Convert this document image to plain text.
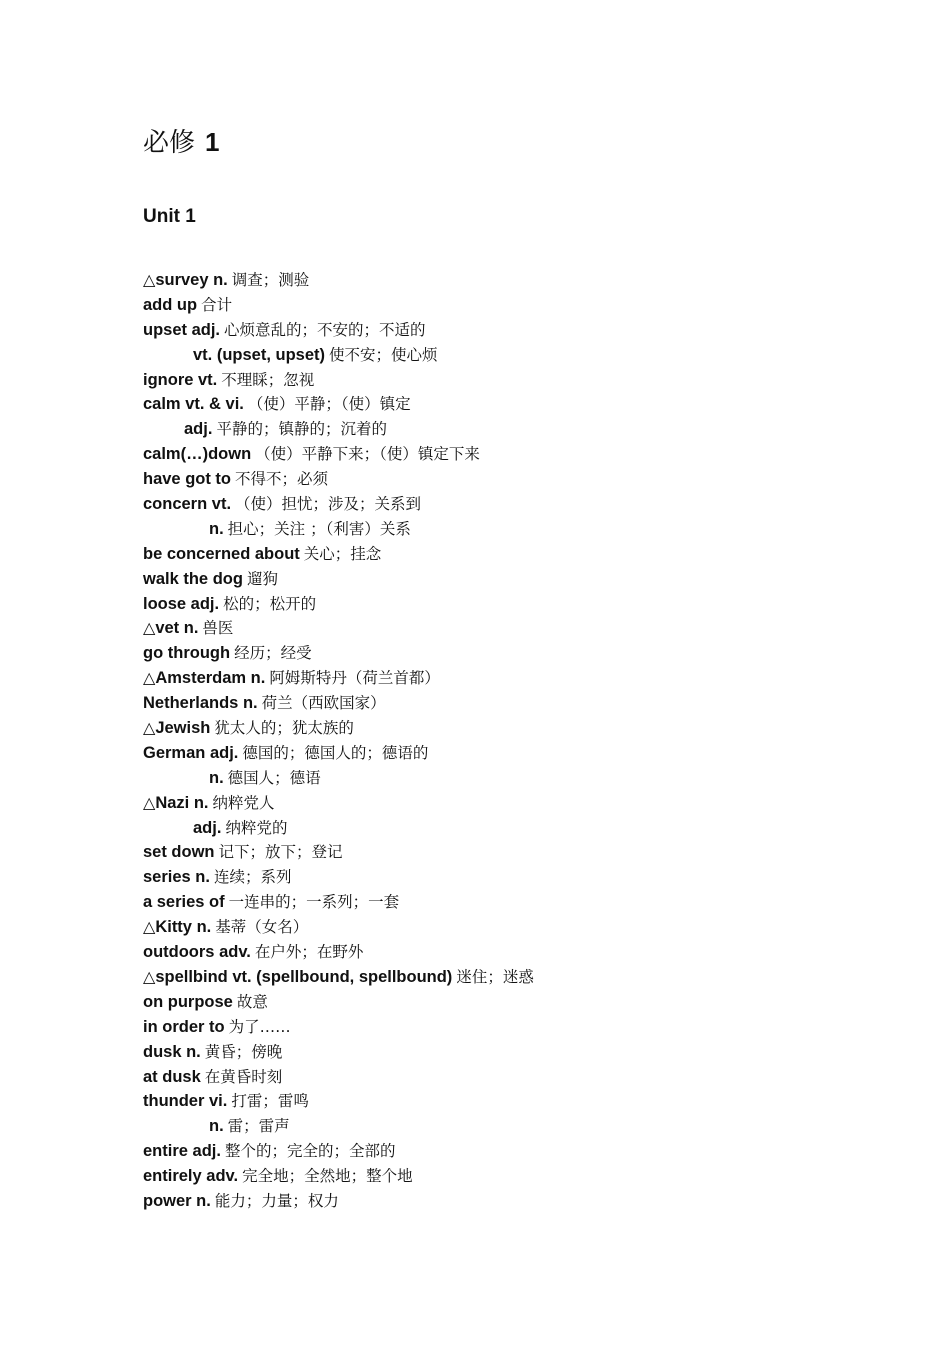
必修 1
Unit 1
△survey n. 调查；测验
add up 合计
upset adj. 心烦意乱的；不安的；不适的
vt. (upset, upset) 使不安；使心烦
ignore vt. 不理睬；忽视
calm vt. & vi. （使）平静；（使）镇定
adj. 平静的；镇静的；沉着的
calm(…)down （使）平静下来；（使）镇定下来
have got to 不得不；必须
concern vt. （使）担忧；涉及；关系到
n. 担心；关注 ；（利害）关系
be concerned about 关心；挂念
walk the dog 遛狗
loose adj. 松的；松开的
△vet n. 兽医
go through 经历；经受
△Amsterdam n. 阿姆斯特丹（荷兰首都）
Netherlands n. 荷兰（西欧国家）
△Jewish 犹太人的；犹太族的
German adj. 德国的；德国人的；德语的
n. 德国人；德语
△Nazi n. 纳粹党人
adj. 纳粹党的
set down 记下；放下；登记
series n. 连续；系列
a series of 一连串的；一系列；一套
△Kitty n. 基蒂（女名）
outdoors adv. 在户外；在野外
△spellbind vt. (spellbound, spellbound) 迷住；迷惑
on purpose 故意
in order to 为了……
dusk n. 黄昏；傍晚
at dusk 在黄昏时刻
thunder vi. 打雷；雷鸣
n. 雷；雷声
entire adj. 整个的；完全的；全部的
entirely adv. 完全地；全然地；整个地
power n. 能力；力量；权力
